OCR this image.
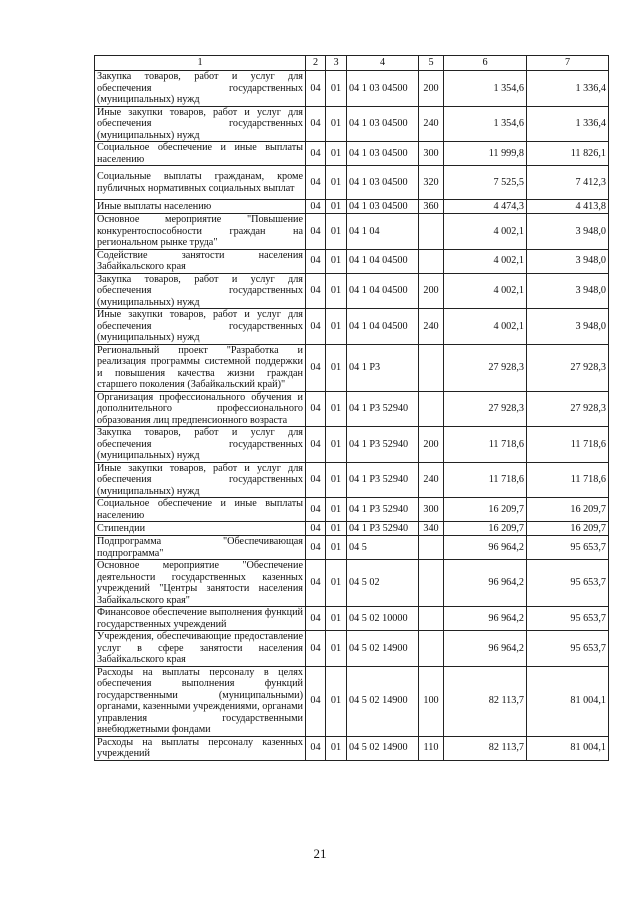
1	2	3	4	5	6	7
Закупка товаров, работ и услуг для обеспечения государственных (муниципальных) нужд	04	01	04 1 03 04500	200	1 354,6	1 336,4
Иные закупки товаров, работ и услуг для обеспечения государственных (муниципальных) нужд	04	01	04 1 03 04500	240	1 354,6	1 336,4
Социальное обеспечение и иные выплаты населению	04	01	04 1 03 04500	300	11 999,8	11 826,1
Социальные выплаты гражданам, кроме публичных нормативных социальных выплат	04	01	04 1 03 04500	320	7 525,5	7 412,3
Иные выплаты населению	04	01	04 1 03 04500	360	4 474,3	4 413,8
Основное мероприятие "Повышение конкурентоспособности граждан на региональном рынке труда"	04	01	04 1 04		4 002,1	3 948,0
Содействие занятости населения Забайкальского края	04	01	04 1 04 04500		4 002,1	3 948,0
Закупка товаров, работ и услуг для обеспечения государственных (муниципальных) нужд	04	01	04 1 04 04500	200	4 002,1	3 948,0
Иные закупки товаров, работ и услуг для обеспечения государственных (муниципальных) нужд	04	01	04 1 04 04500	240	4 002,1	3 948,0
Региональный проект "Разработка и реализация программы системной поддержки и повышения качества жизни граждан старшего поколения (Забайкальский край)"	04	01	04 1 P3		27 928,3	27 928,3
Организация профессионального обучения и дополнительного профессионального образования лиц предпенсионного возраста	04	01	04 1 P3 52940		27 928,3	27 928,3
Закупка товаров, работ и услуг для обеспечения государственных (муниципальных) нужд	04	01	04 1 P3 52940	200	11 718,6	11 718,6
Иные закупки товаров, работ и услуг для обеспечения государственных (муниципальных) нужд	04	01	04 1 P3 52940	240	11 718,6	11 718,6
Социальное обеспечение и иные выплаты населению	04	01	04 1 P3 52940	300	16 209,7	16 209,7
Стипендии	04	01	04 1 P3 52940	340	16 209,7	16 209,7
Подпрограмма "Обеспечивающая подпрограмма"	04	01	04 5		96 964,2	95 653,7
Основное мероприятие "Обеспечение деятельности государственных казенных учреждений "Центры занятости населения Забайкальского края"	04	01	04 5 02		96 964,2	95 653,7
Финансовое обеспечение выполнения функций государственных учреждений	04	01	04 5 02 10000		96 964,2	95 653,7
Учреждения, обеспечивающие предоставление услуг в сфере занятости населения Забайкальского края	04	01	04 5 02 14900		96 964,2	95 653,7
Расходы на выплаты персоналу в целях обеспечения выполнения функций государственными (муниципальными) органами, казенными учреждениями, органами управления государственными внебюджетными фондами	04	01	04 5 02 14900	100	82 113,7	81 004,1
Расходы на выплаты персоналу казенных учреждений	04	01	04 5 02 14900	110	82 113,7	81 004,1
21
